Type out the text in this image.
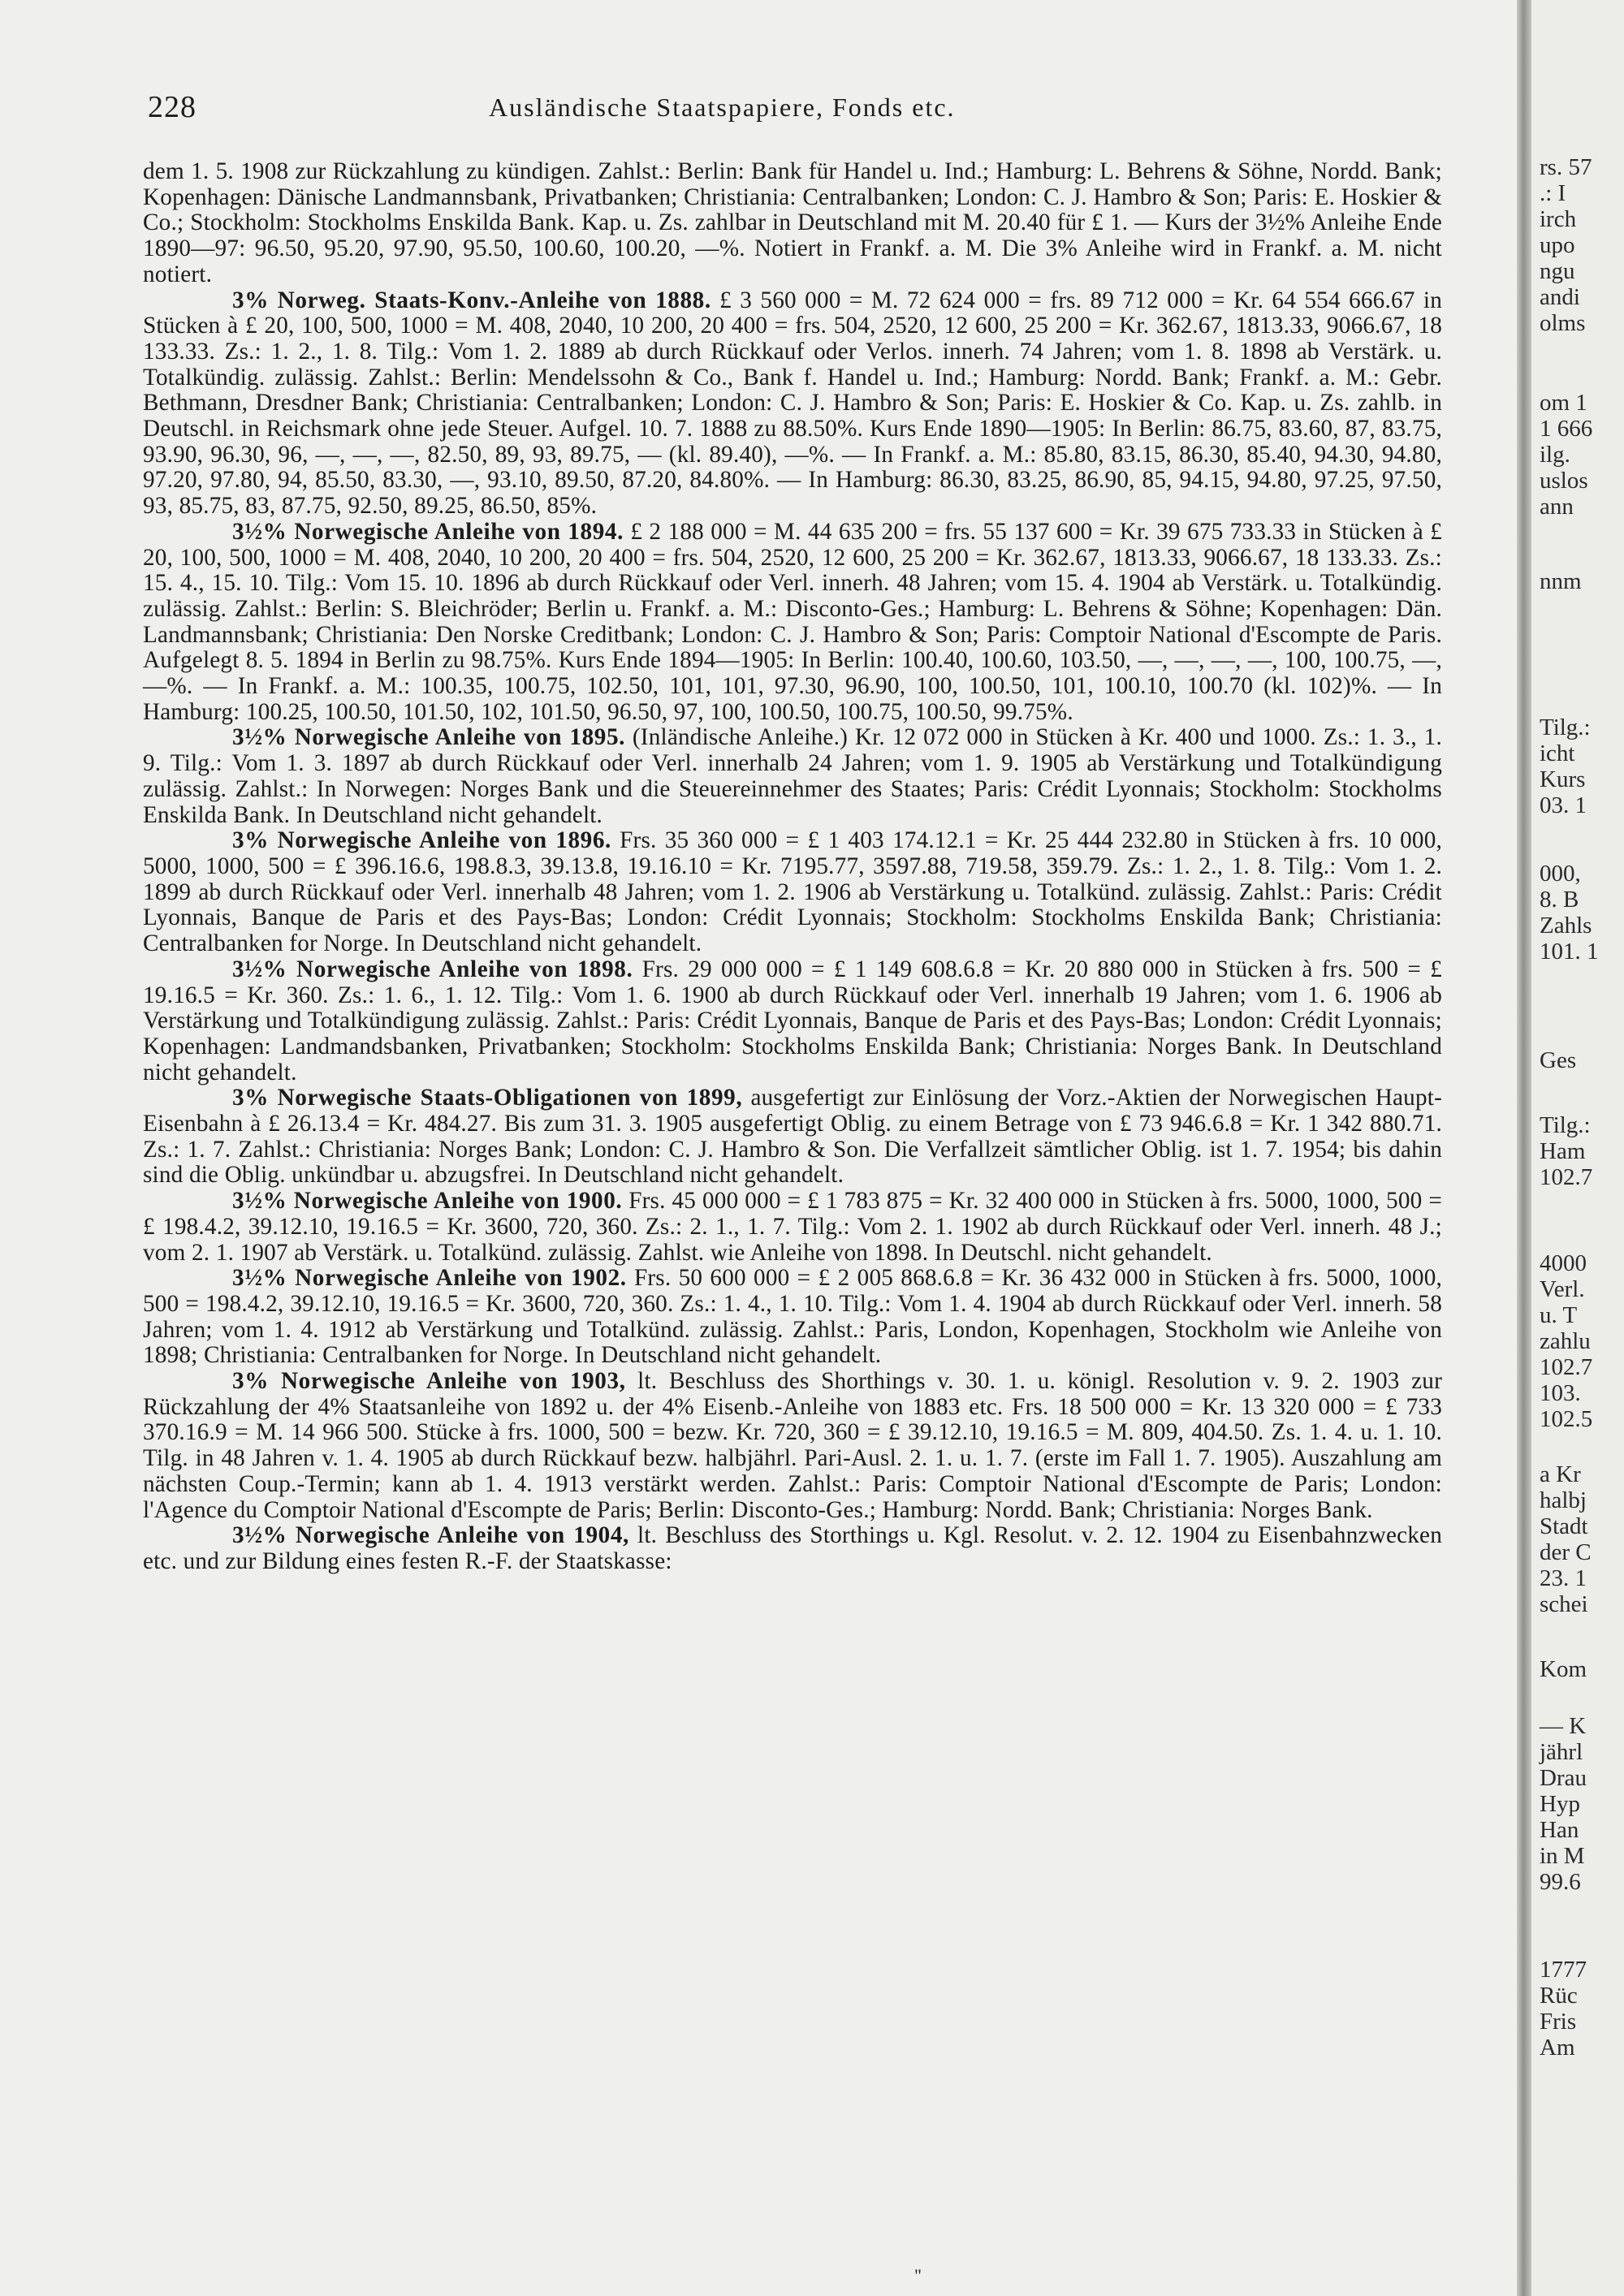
228	Ausländische Staatspapiere, Fonds etc.

dem 1. 5. 1908 zur Rückzahlung zu kündigen. Zahlst.: Berlin: Bank für Handel u. Ind.; Hamburg: L. Behrens & Söhne, Nordd. Bank; Kopenhagen: Dänische Landmannsbank, Privatbanken; Christiania: Centralbanken; London: C. J. Hambro & Son; Paris: E. Hoskier & Co.; Stockholm: Stockholms Enskilda Bank. Kap. u. Zs. zahlbar in Deutschland mit M. 20.40 für £ 1. — Kurs der 3½% Anleihe Ende 1890—97: 96.50, 95.20, 97.90, 95.50, 100.60, 100.20, —%. Notiert in Frankf. a. M. Die 3% Anleihe wird in Frankf. a. M. nicht notiert.

3% Norweg. Staats-Konv.-Anleihe von 1888. £ 3 560 000 = M. 72 624 000 = frs. 89 712 000 = Kr. 64 554 666.67 in Stücken à £ 20, 100, 500, 1000 = M. 408, 2040, 10 200, 20 400 = frs. 504, 2520, 12 600, 25 200 = Kr. 362.67, 1813.33, 9066.67, 18 133.33. Zs.: 1. 2., 1. 8. Tilg.: Vom 1. 2. 1889 ab durch Rückkauf oder Verlos. innerh. 74 Jahren; vom 1. 8. 1898 ab Verstärk. u. Totalkündig. zulässig. Zahlst.: Berlin: Mendelssohn & Co., Bank f. Handel u. Ind.; Hamburg: Nordd. Bank; Frankf. a. M.: Gebr. Bethmann, Dresdner Bank; Christiania: Centralbanken; London: C. J. Hambro & Son; Paris: E. Hoskier & Co. Kap. u. Zs. zahlb. in Deutschl. in Reichsmark ohne jede Steuer. Aufgel. 10. 7. 1888 zu 88.50%. Kurs Ende 1890—1905: In Berlin: 86.75, 83.60, 87, 83.75, 93.90, 96.30, 96, —, —, —, 82.50, 89, 93, 89.75, — (kl. 89.40), —%. — In Frankf. a. M.: 85.80, 83.15, 86.30, 85.40, 94.30, 94.80, 97.20, 97.80, 94, 85.50, 83.30, —, 93.10, 89.50, 87.20, 84.80%. — In Hamburg: 86.30, 83.25, 86.90, 85, 94.15, 94.80, 97.25, 97.50, 93, 85.75, 83, 87.75, 92.50, 89.25, 86.50, 85%.

3½% Norwegische Anleihe von 1894. £ 2 188 000 = M. 44 635 200 = frs. 55 137 600 = Kr. 39 675 733.33 in Stücken à £ 20, 100, 500, 1000 = M. 408, 2040, 10 200, 20 400 = frs. 504, 2520, 12 600, 25 200 = Kr. 362.67, 1813.33, 9066.67, 18 133.33. Zs.: 15. 4., 15. 10. Tilg.: Vom 15. 10. 1896 ab durch Rückkauf oder Verl. innerh. 48 Jahren; vom 15. 4. 1904 ab Verstärk. u. Totalkündig. zulässig. Zahlst.: Berlin: S. Bleichröder; Berlin u. Frankf. a. M.: Disconto-Ges.; Hamburg: L. Behrens & Söhne; Kopenhagen: Dän. Landmannsbank; Christiania: Den Norske Creditbank; London: C. J. Hambro & Son; Paris: Comptoir National d'Escompte de Paris. Aufgelegt 8. 5. 1894 in Berlin zu 98.75%. Kurs Ende 1894—1905: In Berlin: 100.40, 100.60, 103.50, —, —, —, —, 100, 100.75, —, —%. — In Frankf. a. M.: 100.35, 100.75, 102.50, 101, 101, 97.30, 96.90, 100, 100.50, 101, 100.10, 100.70 (kl. 102)%. — In Hamburg: 100.25, 100.50, 101.50, 102, 101.50, 96.50, 97, 100, 100.50, 100.75, 100.50, 99.75%.

3½% Norwegische Anleihe von 1895. (Inländische Anleihe.) Kr. 12 072 000 in Stücken à Kr. 400 und 1000. Zs.: 1. 3., 1. 9. Tilg.: Vom 1. 3. 1897 ab durch Rückkauf oder Verl. innerhalb 24 Jahren; vom 1. 9. 1905 ab Verstärkung und Totalkündigung zulässig. Zahlst.: In Norwegen: Norges Bank und die Steuereinnehmer des Staates; Paris: Crédit Lyonnais; Stockholm: Stockholms Enskilda Bank. In Deutschland nicht gehandelt.

3% Norwegische Anleihe von 1896. Frs. 35 360 000 = £ 1 403 174.12.1 = Kr. 25 444 232.80 in Stücken à frs. 10 000, 5000, 1000, 500 = £ 396.16.6, 198.8.3, 39.13.8, 19.16.10 = Kr. 7195.77, 3597.88, 719.58, 359.79. Zs.: 1. 2., 1. 8. Tilg.: Vom 1. 2. 1899 ab durch Rückkauf oder Verl. innerhalb 48 Jahren; vom 1. 2. 1906 ab Verstärkung u. Totalkünd. zulässig. Zahlst.: Paris: Crédit Lyonnais, Banque de Paris et des Pays-Bas; London: Crédit Lyonnais; Stockholm: Stockholms Enskilda Bank; Christiania: Centralbanken for Norge. In Deutschland nicht gehandelt.

3½% Norwegische Anleihe von 1898. Frs. 29 000 000 = £ 1 149 608.6.8 = Kr. 20 880 000 in Stücken à frs. 500 = £ 19.16.5 = Kr. 360. Zs.: 1. 6., 1. 12. Tilg.: Vom 1. 6. 1900 ab durch Rückkauf oder Verl. innerhalb 19 Jahren; vom 1. 6. 1906 ab Verstärkung und Totalkündigung zulässig. Zahlst.: Paris: Crédit Lyonnais, Banque de Paris et des Pays-Bas; London: Crédit Lyonnais; Kopenhagen: Landmandsbanken, Privatbanken; Stockholm: Stockholms Enskilda Bank; Christiania: Norges Bank. In Deutschland nicht gehandelt.

3% Norwegische Staats-Obligationen von 1899, ausgefertigt zur Einlösung der Vorz.-Aktien der Norwegischen Haupt-Eisenbahn à £ 26.13.4 = Kr. 484.27. Bis zum 31. 3. 1905 ausgefertigt Oblig. zu einem Betrage von £ 73 946.6.8 = Kr. 1 342 880.71. Zs.: 1. 7. Zahlst.: Christiania: Norges Bank; London: C. J. Hambro & Son. Die Verfallzeit sämtlicher Oblig. ist 1. 7. 1954; bis dahin sind die Oblig. unkündbar u. abzugsfrei. In Deutschland nicht gehandelt.

3½% Norwegische Anleihe von 1900. Frs. 45 000 000 = £ 1 783 875 = Kr. 32 400 000 in Stücken à frs. 5000, 1000, 500 = £ 198.4.2, 39.12.10, 19.16.5 = Kr. 3600, 720, 360. Zs.: 2. 1., 1. 7. Tilg.: Vom 2. 1. 1902 ab durch Rückkauf oder Verl. innerh. 48 J.; vom 2. 1. 1907 ab Verstärk. u. Totalkünd. zulässig. Zahlst. wie Anleihe von 1898. In Deutschl. nicht gehandelt.

3½% Norwegische Anleihe von 1902. Frs. 50 600 000 = £ 2 005 868.6.8 = Kr. 36 432 000 in Stücken à frs. 5000, 1000, 500 = 198.4.2, 39.12.10, 19.16.5 = Kr. 3600, 720, 360. Zs.: 1. 4., 1. 10. Tilg.: Vom 1. 4. 1904 ab durch Rückkauf oder Verl. innerh. 58 Jahren; vom 1. 4. 1912 ab Verstärkung und Totalkünd. zulässig. Zahlst.: Paris, London, Kopenhagen, Stockholm wie Anleihe von 1898; Christiania: Centralbanken for Norge. In Deutschland nicht gehandelt.

3% Norwegische Anleihe von 1903, lt. Beschluss des Shorthings v. 30. 1. u. königl. Resolution v. 9. 2. 1903 zur Rückzahlung der 4% Staatsanleihe von 1892 u. der 4% Eisenb.-Anleihe von 1883 etc. Frs. 18 500 000 = Kr. 13 320 000 = £ 733 370.16.9 = M. 14 966 500. Stücke à frs. 1000, 500 = bezw. Kr. 720, 360 = £ 39.12.10, 19.16.5 = M. 809, 404.50. Zs. 1. 4. u. 1. 10. Tilg. in 48 Jahren v. 1. 4. 1905 ab durch Rückkauf bezw. halbjährl. Pari-Ausl. 2. 1. u. 1. 7. (erste im Fall 1. 7. 1905). Auszahlung am nächsten Coup.-Termin; kann ab 1. 4. 1913 verstärkt werden. Zahlst.: Paris: Comptoir National d'Escompte de Paris; London: l'Agence du Comptoir National d'Escompte de Paris; Berlin: Disconto-Ges.; Hamburg: Nordd. Bank; Christiania: Norges Bank.

3½% Norwegische Anleihe von 1904, lt. Beschluss des Storthings u. Kgl. Resolut. v. 2. 12. 1904 zu Eisenbahnzwecken etc. und zur Bildung eines festen R.-F. der Staatskasse:

"
rs. 57
.: I
irch
upo
ngu
andi
olms
om 1
1 666
ilg.
uslos
ann
nnm
Tilg.:
icht
Kurs
03. 1
000,
8. B
Zahls
101. 1
Ges
Tilg.:
Ham
102.7
4000
Verl.
u. T
zahlu
102.7
103.
102.5
a Kr
halbj
Stadt
der C
23. 1
schei
Kom
— K
jährl
Drau
Hyp
Han
in M
99.6
1777
Rüc
Fris
Am
